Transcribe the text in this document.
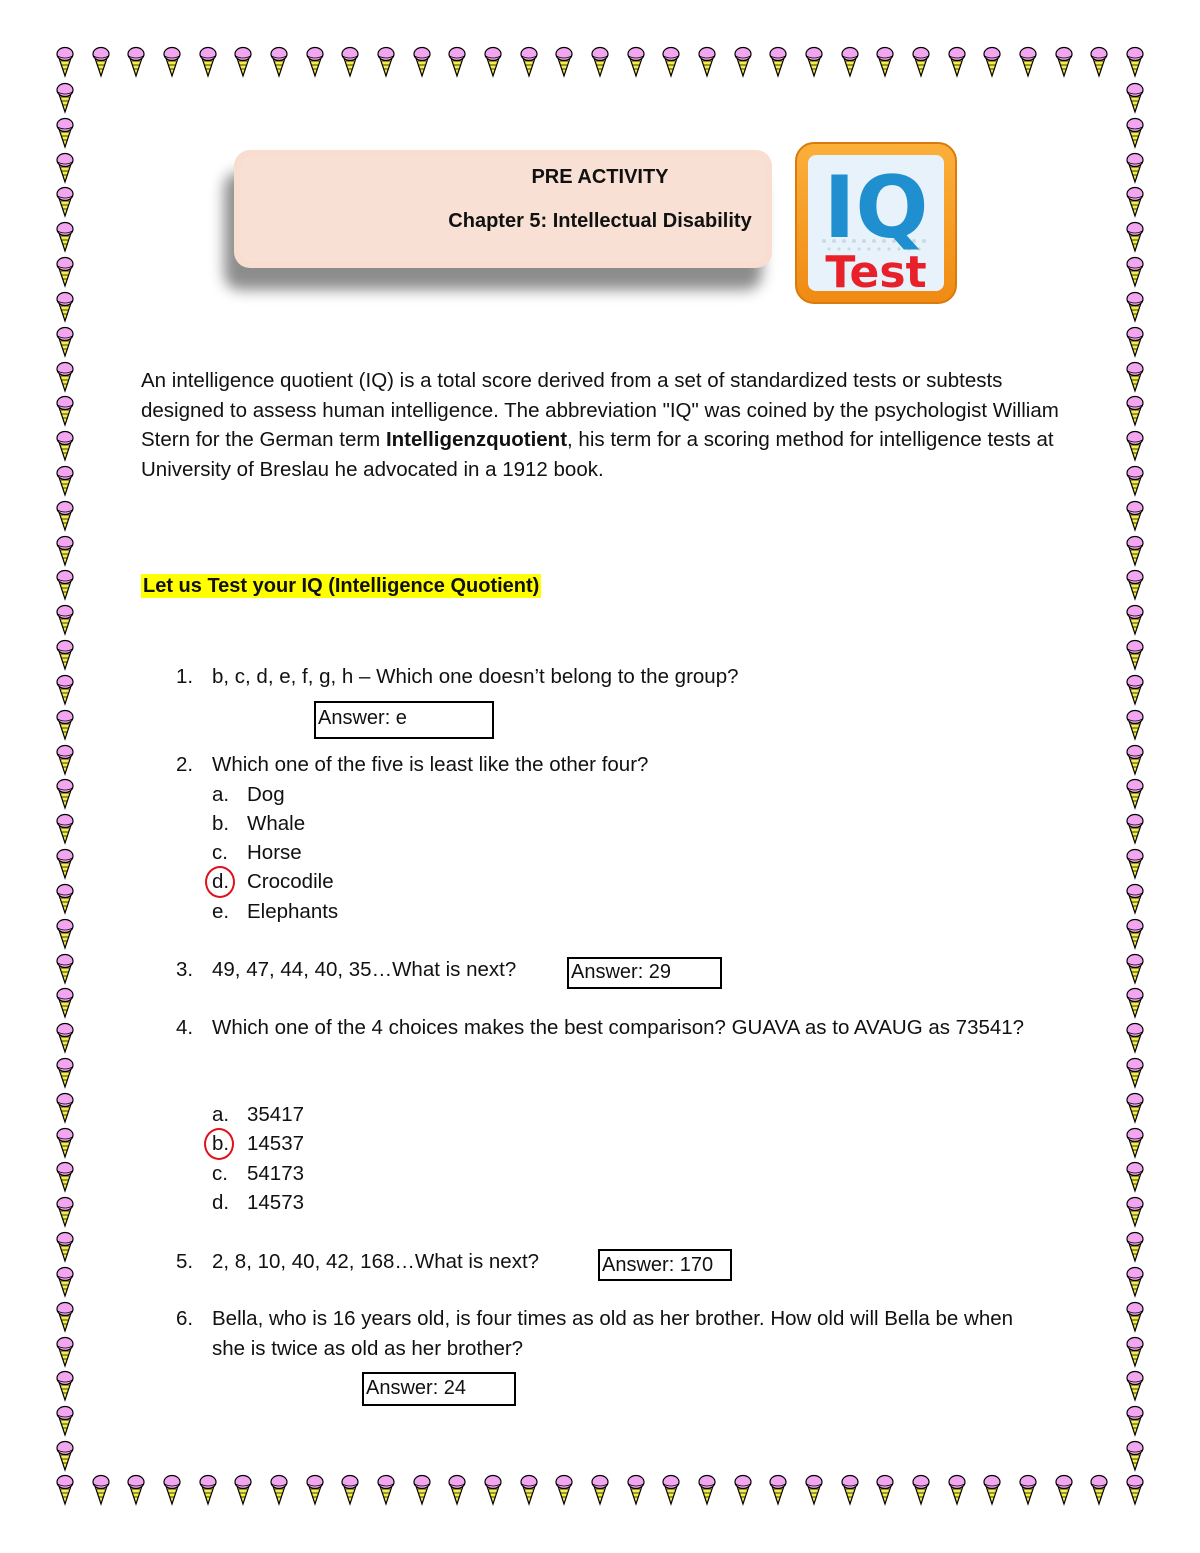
PRE ACTIVITY
Chapter 5: Intellectual Disability IQ
Test
An intelligence quotient (IQ) is a total score derived from a set of standardized tests or subtests designed to assess human intelligence. The abbreviation "IQ" was coined by the psychologist William Stern for the German term Intelligenzquotient, his term for a scoring method for intelligence tests at University of Breslau he advocated in a 1912 book.
Let us Test your IQ (Intelligence Quotient)
1. b, c, d, e, f, g, h – Which one doesn’t belong to the group?
Answer: e
2. Which one of the five is least like the other four?
a. Dog
b. Whale
c. Horse
d. Crocodile
e. Elephants
3. 49, 47, 44, 40, 35…What is next?	Answer: 29
4. Which one of the 4 choices makes the best comparison? GUAVA as to AVAUG as 73541?
a. 35417
b. 14537
c. 54173
d. 14573
5. 2, 8, 10, 40, 42, 168…What is next?	Answer: 170
6. Bella, who is 16 years old, is four times as old as her brother. How old will Bella be when she is twice as old as her brother?
Answer: 24
